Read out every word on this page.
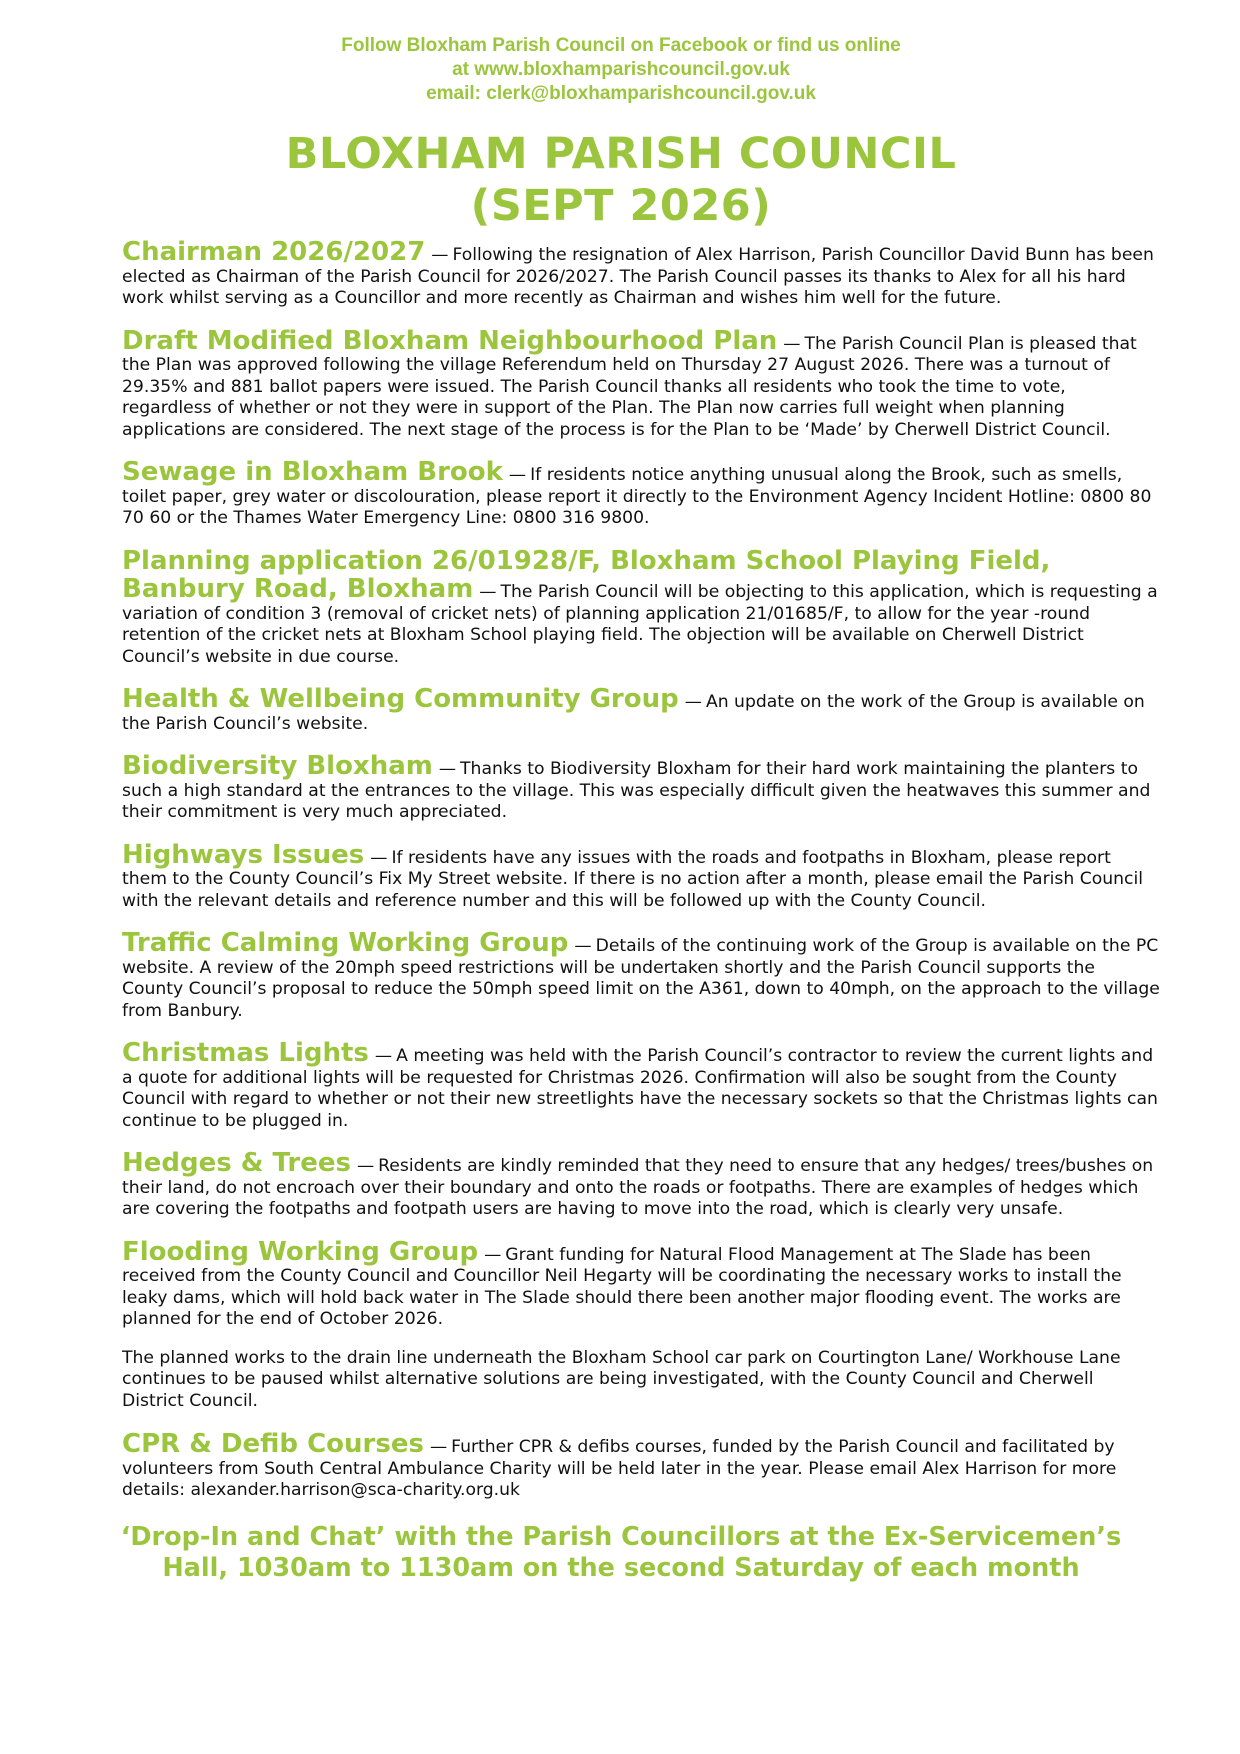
Follow Bloxham Parish Council on Facebook or find us online
at www.bloxhamparishcouncil.gov.uk
email: clerk@bloxhamparishcouncil.gov.uk
BLOXHAM PARISH COUNCIL
(SEPT 2026)
Chairman 2026/2027 — Following the resignation of Alex Harrison, Parish Councillor David Bunn has been elected as Chairman of the Parish Council for 2026/2027. The Parish Council passes its thanks to Alex for all his hard work whilst serving as a Councillor and more recently as Chairman and wishes him well for the future.
Draft Modified Bloxham Neighbourhood Plan — The Parish Council Plan is pleased that the Plan was approved following the village Referendum held on Thursday 27 August 2026. There was a turnout of 29.35% and 881 ballot papers were issued. The Parish Council thanks all residents who took the time to vote, regardless of whether or not they were in support of the Plan. The Plan now carries full weight when planning applications are considered. The next stage of the process is for the Plan to be ‘Made’ by Cherwell District Council.
Sewage in Bloxham Brook — If residents notice anything unusual along the Brook, such as smells, toilet paper, grey water or discolouration, please report it directly to the Environment Agency Incident Hotline: 0800 80 70 60 or the Thames Water Emergency Line: 0800 316 9800.
Planning application 26/01928/F, Bloxham School Playing Field, Banbury Road, Bloxham — The Parish Council will be objecting to this application, which is requesting a variation of condition 3 (removal of cricket nets) of planning application 21/01685/F, to allow for the year -round retention of the cricket nets at Bloxham School playing field. The objection will be available on Cherwell District Council’s website in due course.
Health & Wellbeing Community Group — An update on the work of the Group is available on the Parish Council’s website.
Biodiversity Bloxham — Thanks to Biodiversity Bloxham for their hard work maintaining the planters to such a high standard at the entrances to the village. This was especially difficult given the heatwaves this summer and their commitment is very much appreciated.
Highways Issues — If residents have any issues with the roads and footpaths in Bloxham, please report them to the County Council’s Fix My Street website. If there is no action after a month, please email the Parish Council with the relevant details and reference number and this will be followed up with the County Council.
Traffic Calming Working Group — Details of the continuing work of the Group is available on the PC website. A review of the 20mph speed restrictions will be undertaken shortly and the Parish Council supports the County Council’s proposal to reduce the 50mph speed limit on the A361, down to 40mph, on the approach to the village from Banbury.
Christmas Lights — A meeting was held with the Parish Council’s contractor to review the current lights and a quote for additional lights will be requested for Christmas 2026. Confirmation will also be sought from the County Council with regard to whether or not their new streetlights have the necessary sockets so that the Christmas lights can continue to be plugged in.
Hedges & Trees — Residents are kindly reminded that they need to ensure that any hedges/ trees/bushes on their land, do not encroach over their boundary and onto the roads or footpaths. There are examples of hedges which are covering the footpaths and footpath users are having to move into the road, which is clearly very unsafe.
Flooding Working Group — Grant funding for Natural Flood Management at The Slade has been received from the County Council and Councillor Neil Hegarty will be coordinating the necessary works to install the leaky dams, which will hold back water in The Slade should there been another major flooding event. The works are planned for the end of October 2026.
The planned works to the drain line underneath the Bloxham School car park on Courtington Lane/ Workhouse Lane continues to be paused whilst alternative solutions are being investigated, with the County Council and Cherwell District Council.
CPR & Defib Courses — Further CPR & defibs courses, funded by the Parish Council and facilitated by volunteers from South Central Ambulance Charity will be held later in the year. Please email Alex Harrison for more details: alexander.harrison@sca-charity.org.uk
‘Drop-In and Chat’ with the Parish Councillors at the Ex-Servicemen’s
Hall, 1030am to 1130am on the second Saturday of each month
